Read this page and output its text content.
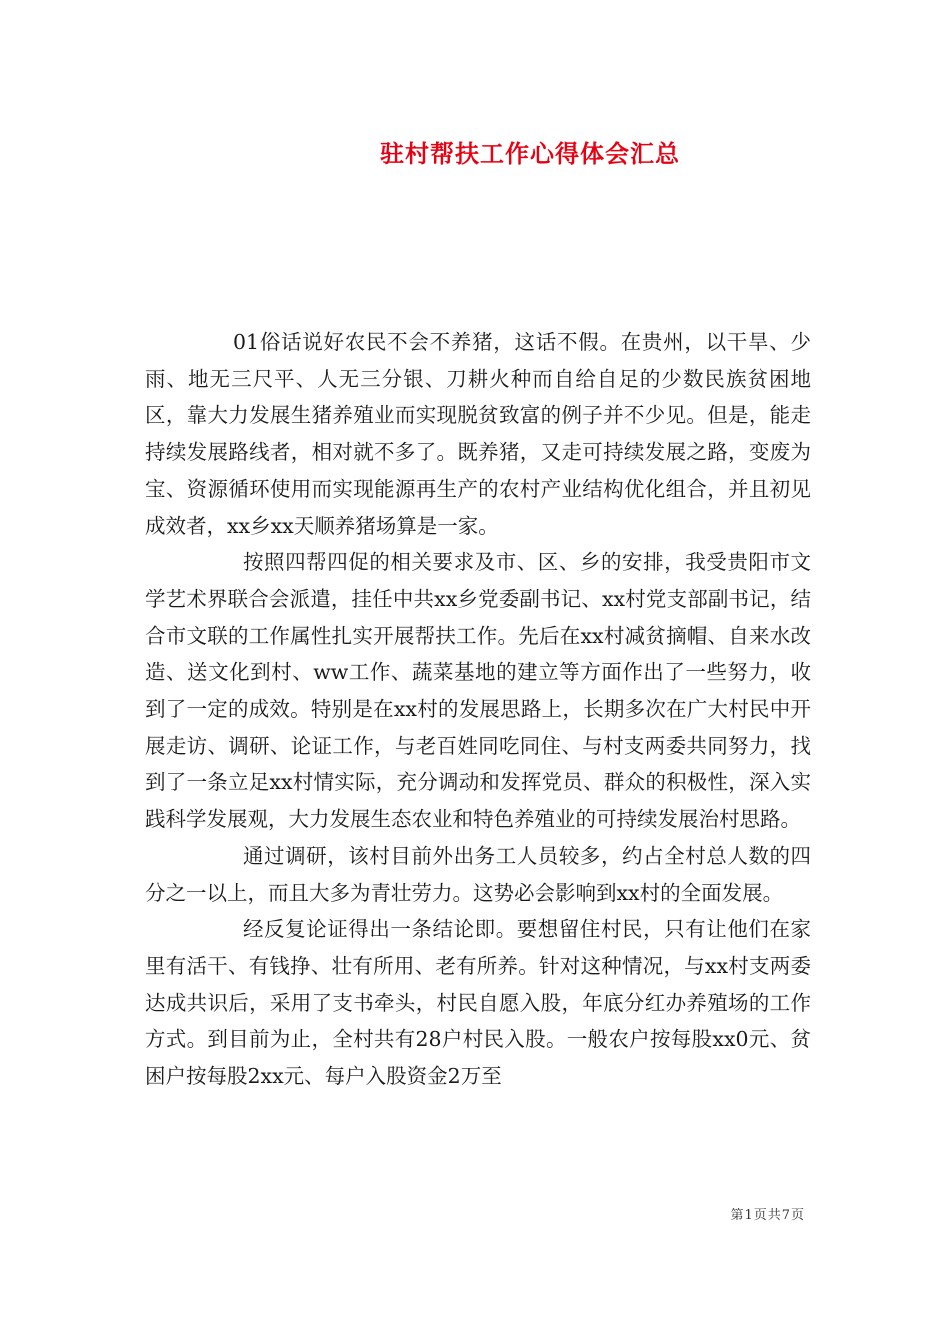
驻村帮扶工作心得体会汇总

01俗话说好农民不会不养猪，这话不假。在贵州，以干旱、少雨、地无三尺平、人无三分银、刀耕火种而自给自足的少数民族贫困地区，靠大力发展生猪养殖业而实现脱贫致富的例子并不少见。但是，能走持续发展路线者，相对就不多了。既养猪，又走可持续发展之路，变废为宝、资源循环使用而实现能源再生产的农村产业结构优化组合，并且初见成效者，xx乡xx天顺养猪场算是一家。

按照四帮四促的相关要求及市、区、乡的安排，我受贵阳市文学艺术界联合会派遣，挂任中共xx乡党委副书记、xx村党支部副书记，结合市文联的工作属性扎实开展帮扶工作。先后在xx村减贫摘帽、自来水改造、送文化到村、ww工作、蔬菜基地的建立等方面作出了一些努力，收到了一定的成效。特别是在xx村的发展思路上，长期多次在广大村民中开展走访、调研、论证工作，与老百姓同吃同住、与村支两委共同努力，找到了一条立足xx村情实际，充分调动和发挥党员、群众的积极性，深入实践科学发展观，大力发展生态农业和特色养殖业的可持续发展治村思路。

通过调研，该村目前外出务工人员较多，约占全村总人数的四分之一以上，而且大多为青壮劳力。这势必会影响到xx村的全面发展。

经反复论证得出一条结论即。要想留住村民，只有让他们在家里有活干、有钱挣、壮有所用、老有所养。针对这种情况，与xx村支两委达成共识后，采用了支书牵头，村民自愿入股，年底分红办养殖场的工作方式。到目前为止，全村共有28户村民入股。一般农户按每股xx0元、贫困户按每股2xx元、每户入股资金2万至

第1页共7页
